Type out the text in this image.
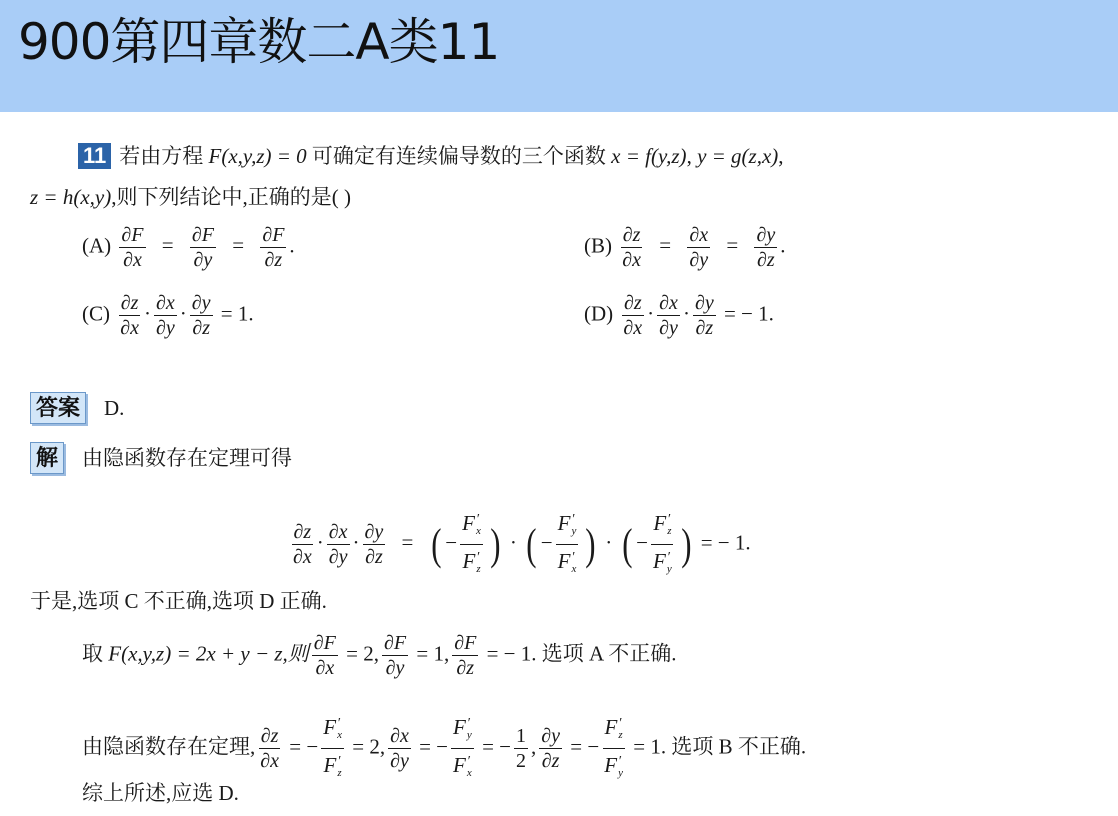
900第四章数二A类11
11 若由方程 F(x,y,z) = 0 可确定有连续偏导数的三个函数 x = f(y,z), y = g(z,x),
z = h(x,y),则下列结论中,正确的是( )
$(A) \frac{\partial F}{\partial x} = \frac{\partial F}{\partial y} = \frac{\partial F}{\partial z}$ .	$(B) \frac{\partial z}{\partial x} = \frac{\partial x}{\partial y} = \frac{\partial y}{\partial z}$ .
$(C) \frac{\partial z}{\partial x} \cdot \frac{\partial x}{\partial y} \cdot \frac{\partial y}{\partial z} = 1$.	$(D) \frac{\partial z}{\partial x} \cdot \frac{\partial x}{\partial y} \cdot \frac{\partial y}{\partial z}$ = − 1.
答案 D.
解 由隐函数存在定理可得
$\frac{\partial z}{\partial x} \cdot \frac{\partial x}{\partial y} \cdot \frac{\partial y}{\partial z}$ = ( − $\frac{F'x}{F'z}$ ) · ( − $\frac{F'y}{F'x}$ ) · ( − $\frac{F'z}{F'y}$ ) = − 1.
于是,选项 C 不正确,选项 D 正确.
取 F(x,y,z) = 2x + y − z,则 $\frac{\partial F}{\partial x} = 2$, $\frac{\partial F}{\partial y} = 1$, $\frac{\partial F}{\partial z}$ = − 1. 选项 A 不正确.
由隐函数存在定理, $\frac{\partial z}{\partial x}$ = − $\frac{F'x}{F'z} = 2$, $\frac{\partial x}{\partial y}$ = − $\frac{F'y}{F'x}$ = − $\frac{1}{2}$ , $\frac{\partial y}{\partial z}$ = − $\frac{F'z}{F'y} = 1$. 选项 B 不正确.
综上所述,应选 D.
